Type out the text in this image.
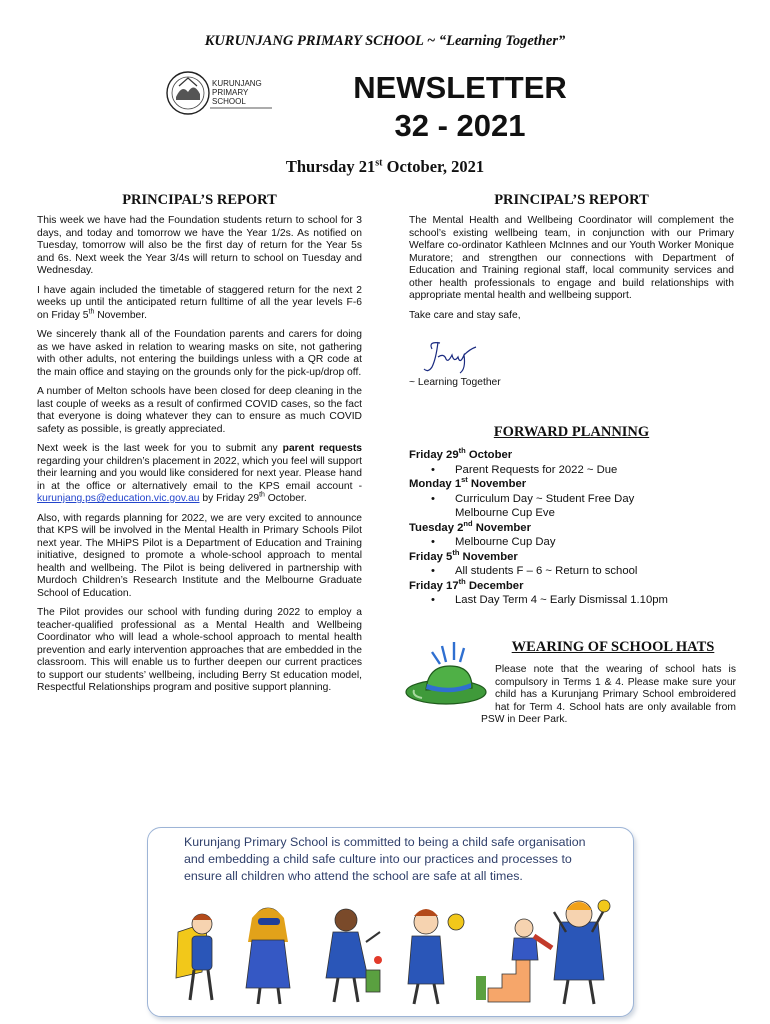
KURUNJANG PRIMARY SCHOOL ~ “Learning Together”
KURUNJANG
PRIMARY
SCHOOL	NEWSLETTER
32 - 2021
Thursday 21st October, 2021
PRINCIPAL’S REPORT

This week we have had the Foundation students return to school for 3 days, and today and tomorrow we have the Year 1/2s. As notified on Tuesday, tomorrow will also be the first day of return for the Year 5s and 6s. Next week the Year 3/4s will return to school on Tuesday and Wednesday.

I have again included the timetable of staggered return for the next 2 weeks up until the anticipated return fulltime of all the year levels F-6 on Friday 5th November.

We sincerely thank all of the Foundation parents and carers for doing as we have asked in relation to wearing masks on site, not gathering with other adults, not entering the buildings unless with a QR code at the main office and staying on the grounds only for the pick-up/drop off.

A number of Melton schools have been closed for deep cleaning in the last couple of weeks as a result of confirmed COVID cases, so the fact that everyone is doing whatever they can to ensure as much COVID safety as possible, is greatly appreciated.

Next week is the last week for you to submit any parent requests regarding your children’s placement in 2022, which you feel will support their learning and you would like considered for next year. Please hand in at the office or alternatively email to the KPS email account - kurunjang.ps@education.vic.gov.au by Friday 29th October.

Also, with regards planning for 2022, we are very excited to announce that KPS will be involved in the Mental Health in Primary Schools Pilot next year. The MHiPS Pilot is a Department of Education and Training initiative, designed to promote a whole-school approach to mental health and wellbeing. The Pilot is being delivered in partnership with Murdoch Children’s Research Institute and the Melbourne Graduate School of Education.

The Pilot provides our school with funding during 2022 to employ a teacher-qualified professional as a Mental Health and Wellbeing Coordinator who will lead a whole-school approach to mental health prevention and early intervention approaches that are embedded in the classroom. This will enable us to further deepen our current practices to support our students’ wellbeing, including Berry St education model, Respectful Relationships program and positive support planning.

PRINCIPAL’S REPORT

The Mental Health and Wellbeing Coordinator will complement the school’s existing wellbeing team, in conjunction with our Primary Welfare co-ordinator Kathleen McInnes and our Youth Worker Monique Muratore; and strengthen our connections with Department of Education and Training regional staff, local community services and other health professionals to engage and build relationships with appropriate mental health and wellbeing support.

Take care and stay safe,

~ Learning Together
FORWARD PLANNING
Friday 29th October
• Parent Requests for 2022 ~ Due
Monday 1st November
• Curriculum Day ~ Student Free Day
Melbourne Cup Eve
Tuesday 2nd November
• Melbourne Cup Day
Friday 5th November
• All students F – 6 ~ Return to school
Friday 17th December
• Last Day Term 4 ~ Early Dismissal 1.10pm
WEARING OF SCHOOL HATS
Please note that the wearing of school hats is compulsory in Terms 1 & 4. Please make sure your child has a Kurunjang Primary School embroidered hat for Term 4. School hats are only available from PSW in Deer Park.
Kurunjang Primary School is committed to being a child safe organisation and embedding a child safe culture into our practices and processes to ensure all children who attend the school are safe at all times.
